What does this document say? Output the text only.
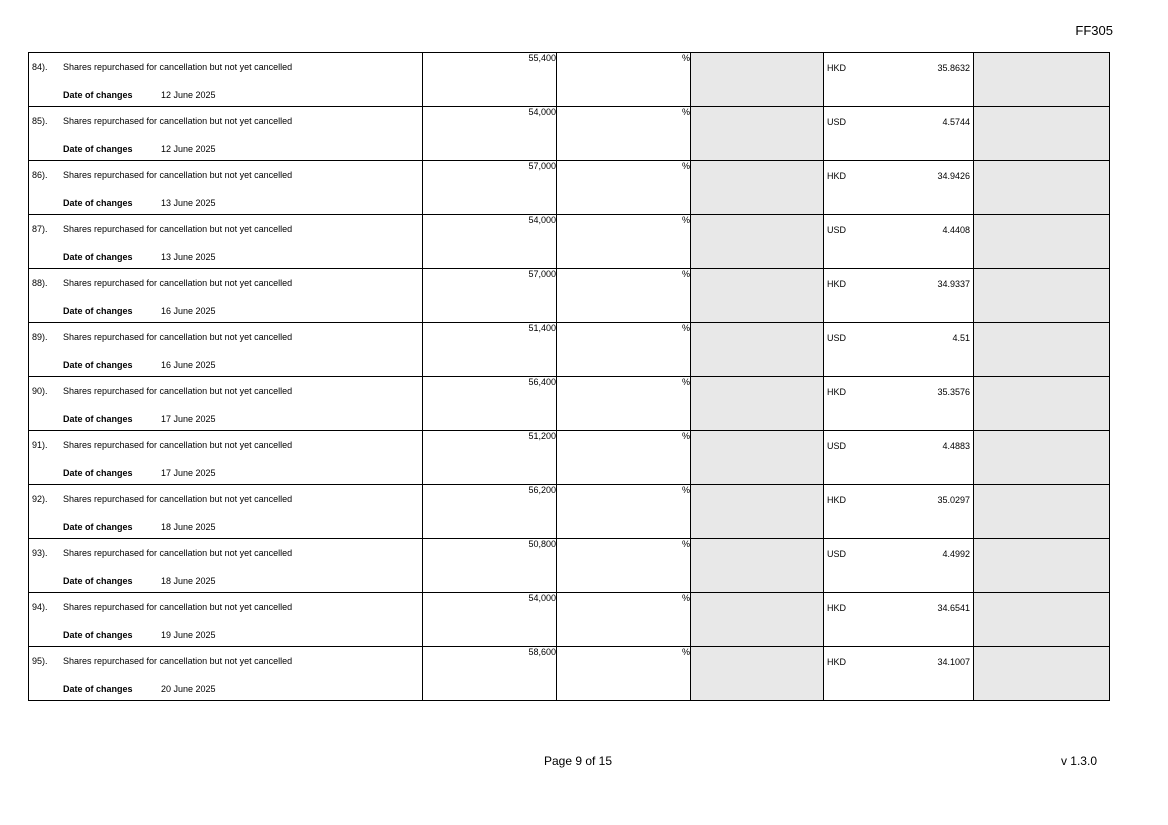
FF305
84). Shares repurchased for cancellation but not yet cancelled
Date of changes 12 June 2025	55,400	%		HKD 35.8632	

85). Shares repurchased for cancellation but not yet cancelled
Date of changes 12 June 2025	54,000	%		USD 4.5744	

86). Shares repurchased for cancellation but not yet cancelled
Date of changes 13 June 2025	57,000	%		HKD 34.9426	

87). Shares repurchased for cancellation but not yet cancelled
Date of changes 13 June 2025	54,000	%		USD 4.4408	

88). Shares repurchased for cancellation but not yet cancelled
Date of changes 16 June 2025	57,000	%		HKD 34.9337	

89). Shares repurchased for cancellation but not yet cancelled
Date of changes 16 June 2025	51,400	%		USD 4.51	

90). Shares repurchased for cancellation but not yet cancelled
Date of changes 17 June 2025	56,400	%		HKD 35.3576	

91). Shares repurchased for cancellation but not yet cancelled
Date of changes 17 June 2025	51,200	%		USD 4.4883	

92). Shares repurchased for cancellation but not yet cancelled
Date of changes 18 June 2025	56,200	%		HKD 35.0297	

93). Shares repurchased for cancellation but not yet cancelled
Date of changes 18 June 2025	50,800	%		USD 4.4992	

94). Shares repurchased for cancellation but not yet cancelled
Date of changes 19 June 2025	54,000	%		HKD 34.6541	

95). Shares repurchased for cancellation but not yet cancelled
Date of changes 20 June 2025	58,600	%		HKD 34.1007	

Page 9 of 15	v 1.3.0
